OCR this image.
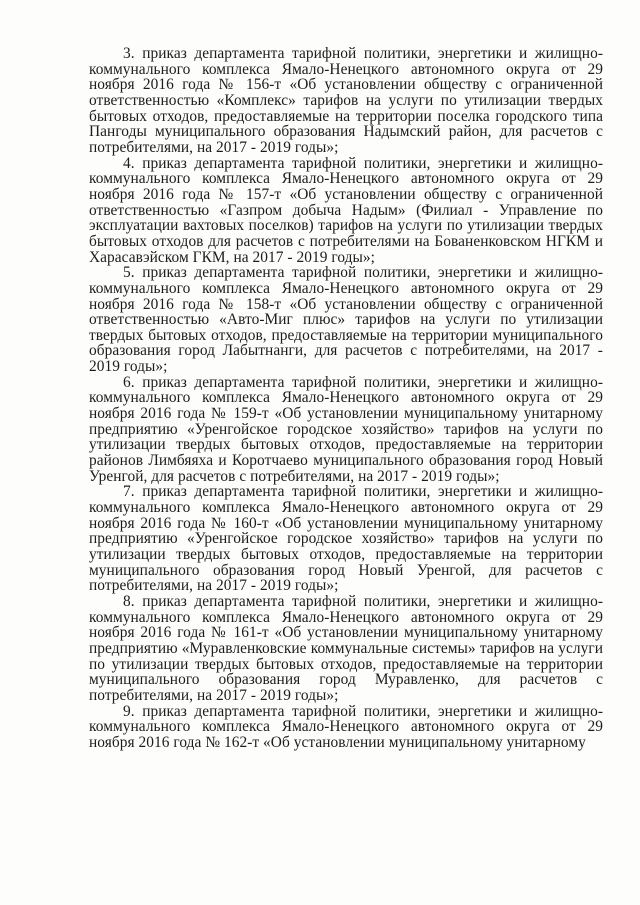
3. приказ департамента тарифной политики, энергетики и жилищно-коммунального комплекса Ямало-Ненецкого автономного округа от 29 ноября 2016 года № 156-т «Об установлении обществу с ограниченной ответственностью «Комплекс» тарифов на услуги по утилизации твердых бытовых отходов, предоставляемые на территории поселка городского типа Пангоды муниципального образования Надымский район, для расчетов с потребителями, на 2017 - 2019 годы»;

4. приказ департамента тарифной политики, энергетики и жилищно-коммунального комплекса Ямало-Ненецкого автономного округа от 29 ноября 2016 года № 157-т «Об установлении обществу с ограниченной ответственностью «Газпром добыча Надым» (Филиал - Управление по эксплуатации вахтовых поселков) тарифов на услуги по утилизации твердых бытовых отходов для расчетов с потребителями на Бованенковском НГКМ и Харасавэйском ГКМ, на 2017 - 2019 годы»;

5. приказ департамента тарифной политики, энергетики и жилищно-коммунального комплекса Ямало-Ненецкого автономного округа от 29 ноября 2016 года № 158-т «Об установлении обществу с ограниченной ответственностью «Авто-Миг плюс» тарифов на услуги по утилизации твердых бытовых отходов, предоставляемые на территории муниципального образования город Лабытнанги, для расчетов с потребителями, на 2017 - 2019 годы»;

6. приказ департамента тарифной политики, энергетики и жилищно-коммунального комплекса Ямало-Ненецкого автономного округа от 29 ноября 2016 года № 159-т «Об установлении муниципальному унитарному предприятию «Уренгойское городское хозяйство» тарифов на услуги по утилизации твердых бытовых отходов, предоставляемые на территории районов Лимбяяха и Коротчаево муниципального образования город Новый Уренгой, для расчетов с потребителями, на 2017 - 2019 годы»;

7. приказ департамента тарифной политики, энергетики и жилищно-коммунального комплекса Ямало-Ненецкого автономного округа от 29 ноября 2016 года № 160-т «Об установлении муниципальному унитарному предприятию «Уренгойское городское хозяйство» тарифов на услуги по утилизации твердых бытовых отходов, предоставляемые на территории муниципального образования город Новый Уренгой, для расчетов с потребителями, на 2017 - 2019 годы»;

8. приказ департамента тарифной политики, энергетики и жилищно-коммунального комплекса Ямало-Ненецкого автономного округа от 29 ноября 2016 года № 161-т «Об установлении муниципальному унитарному предприятию «Муравленковские коммунальные системы» тарифов на услуги по утилизации твердых бытовых отходов, предоставляемые на территории муниципального образования город Муравленко, для расчетов с потребителями, на 2017 - 2019 годы»;

9. приказ департамента тарифной политики, энергетики и жилищно-коммунального комплекса Ямало-Ненецкого автономного округа от 29 ноября 2016 года № 162-т «Об установлении муниципальному унитарному
